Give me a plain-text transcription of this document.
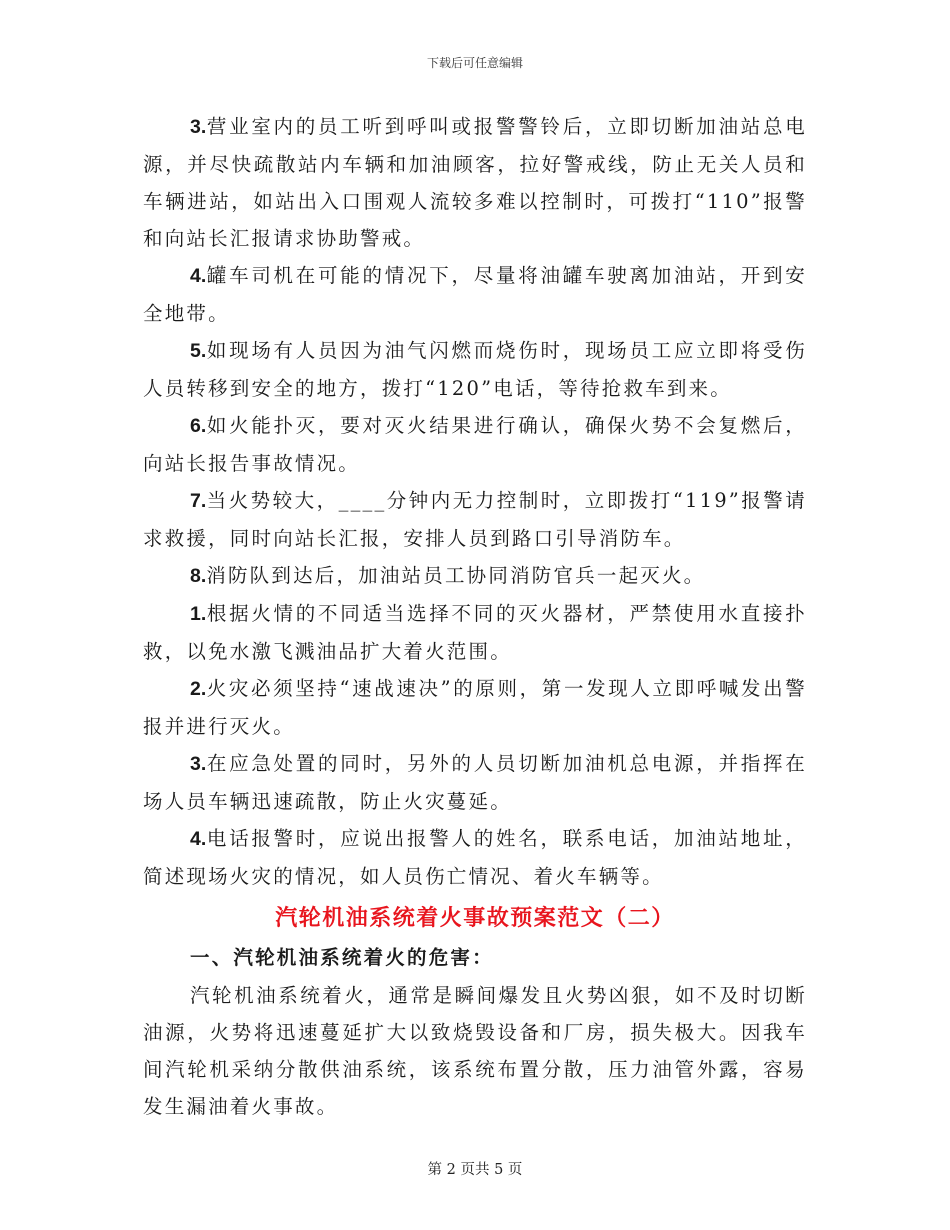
下载后可任意编辑

3.营业室内的员工听到呼叫或报警警铃后，立即切断加油站总电源，并尽快疏散站内车辆和加油顾客，拉好警戒线，防止无关人员和车辆进站，如站出入口围观人流较多难以控制时，可拨打“110”报警和向站长汇报请求协助警戒。

4.罐车司机在可能的情况下，尽量将油罐车驶离加油站，开到安全地带。

5.如现场有人员因为油气闪燃而烧伤时，现场员工应立即将受伤人员转移到安全的地方，拨打“120”电话，等待抢救车到来。

6.如火能扑灭，要对灭火结果进行确认，确保火势不会复燃后，向站长报告事故情况。

7.当火势较大，____分钟内无力控制时，立即拨打“119”报警请求救援，同时向站长汇报，安排人员到路口引导消防车。

8.消防队到达后，加油站员工协同消防官兵一起灭火。

1.根据火情的不同适当选择不同的灭火器材，严禁使用水直接扑救，以免水激飞溅油品扩大着火范围。

2.火灾必须坚持“速战速决”的原则，第一发现人立即呼喊发出警报并进行灭火。

3.在应急处置的同时，另外的人员切断加油机总电源，并指挥在场人员车辆迅速疏散，防止火灾蔓延。

4.电话报警时，应说出报警人的姓名，联系电话，加油站地址，简述现场火灾的情况，如人员伤亡情况、着火车辆等。

汽轮机油系统着火事故预案范文（二）

一、汽轮机油系统着火的危害：

汽轮机油系统着火，通常是瞬间爆发且火势凶狠，如不及时切断油源，火势将迅速蔓延扩大以致烧毁设备和厂房，损失极大。因我车间汽轮机采纳分散供油系统，该系统布置分散，压力油管外露，容易发生漏油着火事故。

第 2 页共 5 页
